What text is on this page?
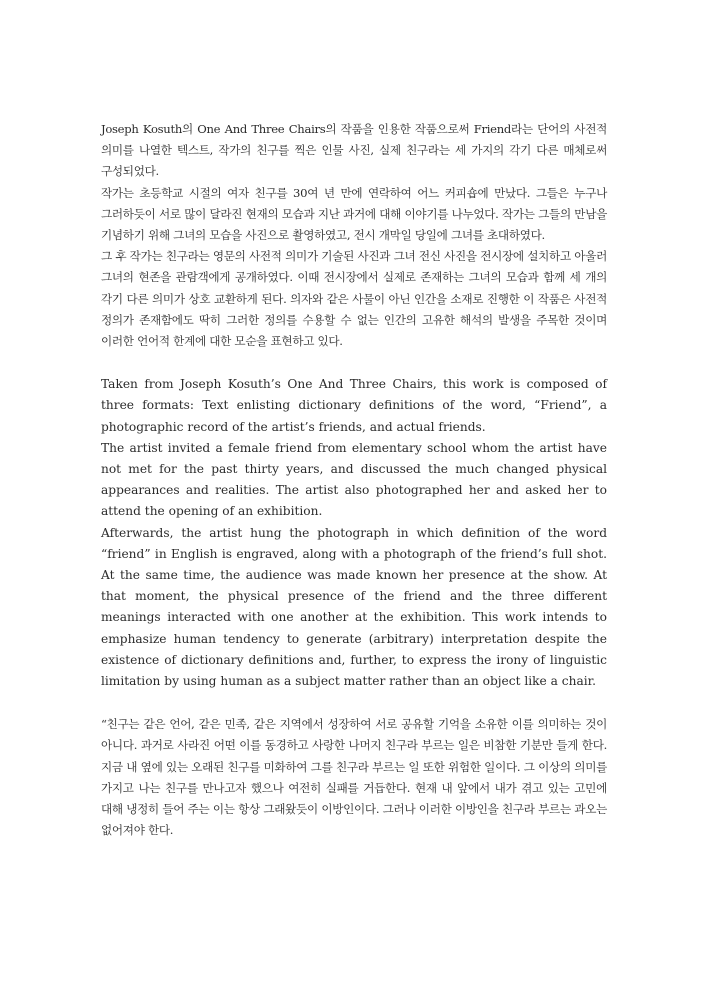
Joseph Kosuth의 One And Three Chairs의 작품을 인용한 작품으로써 Friend라는 단어의 사전적 의미를 나열한 텍스트, 작가의 친구를 찍은 인물 사진, 실제 친구라는 세 가지의 각기 다른 매체로써 구성되었다.

작가는 초등학교 시절의 여자 친구를 30여 년 만에 연락하여 어느 커피숍에 만났다. 그들은 누구나 그러하듯이 서로 많이 달라진 현재의 모습과 지난 과거에 대해 이야기를 나누었다. 작가는 그들의 만남을 기념하기 위해 그녀의 모습을 사진으로 촬영하였고, 전시 개막일 당일에 그녀를 초대하였다.

그 후 작가는 친구라는 영문의 사전적 의미가 기술된 사진과 그녀 전신 사진을 전시장에 설치하고 아울러 그녀의 현존을 관람객에게 공개하였다. 이때 전시장에서 실제로 존재하는 그녀의 모습과 함께 세 개의 각기 다른 의미가 상호 교환하게 된다. 의자와 같은 사물이 아닌 인간을 소재로 진행한 이 작품은 사전적 정의가 존재함에도 딱히 그러한 정의를 수용할 수 없는 인간의 고유한 해석의 발생을 주목한 것이며 이러한 언어적 한계에 대한 모순을 표현하고 있다.

Taken from Joseph Kosuth’s One And Three Chairs, this work is composed of three formats: Text enlisting dictionary definitions of the word, “Friend”, a photographic record of the artist’s friends, and actual friends.

The artist invited a female friend from elementary school whom the artist have not met for the past thirty years, and discussed the much changed physical appearances and realities. The artist also photographed her and asked her to attend the opening of an exhibition.

Afterwards, the artist hung the photograph in which definition of the word “friend” in English is engraved, along with a photograph of the friend’s full shot. At the same time, the audience was made known her presence at the show. At that moment, the physical presence of the friend and the three different meanings interacted with one another at the exhibition. This work intends to emphasize human tendency to generate (arbitrary) interpretation despite the existence of dictionary definitions and, further, to express the irony of linguistic limitation by using human as a subject matter rather than an object like a chair.

“친구는 같은 언어, 같은 민족, 같은 지역에서 성장하여 서로 공유할 기억을 소유한 이를 의미하는 것이 아니다. 과거로 사라진 어떤 이를 동경하고 사랑한 나머지 친구라 부르는 일은 비참한 기분만 들게 한다. 지금 내 옆에 있는 오래된 친구를 미화하여 그를 친구라 부르는 일 또한 위험한 일이다. 그 이상의 의미를 가지고 나는 친구를 만나고자 했으나 여전히 실패를 거듭한다. 현재 내 앞에서 내가 겪고 있는 고민에 대해 냉정히 들어 주는 이는 항상 그래왔듯이 이방인이다. 그러나 이러한 이방인을 친구라 부르는 과오는 없어져야 한다.
